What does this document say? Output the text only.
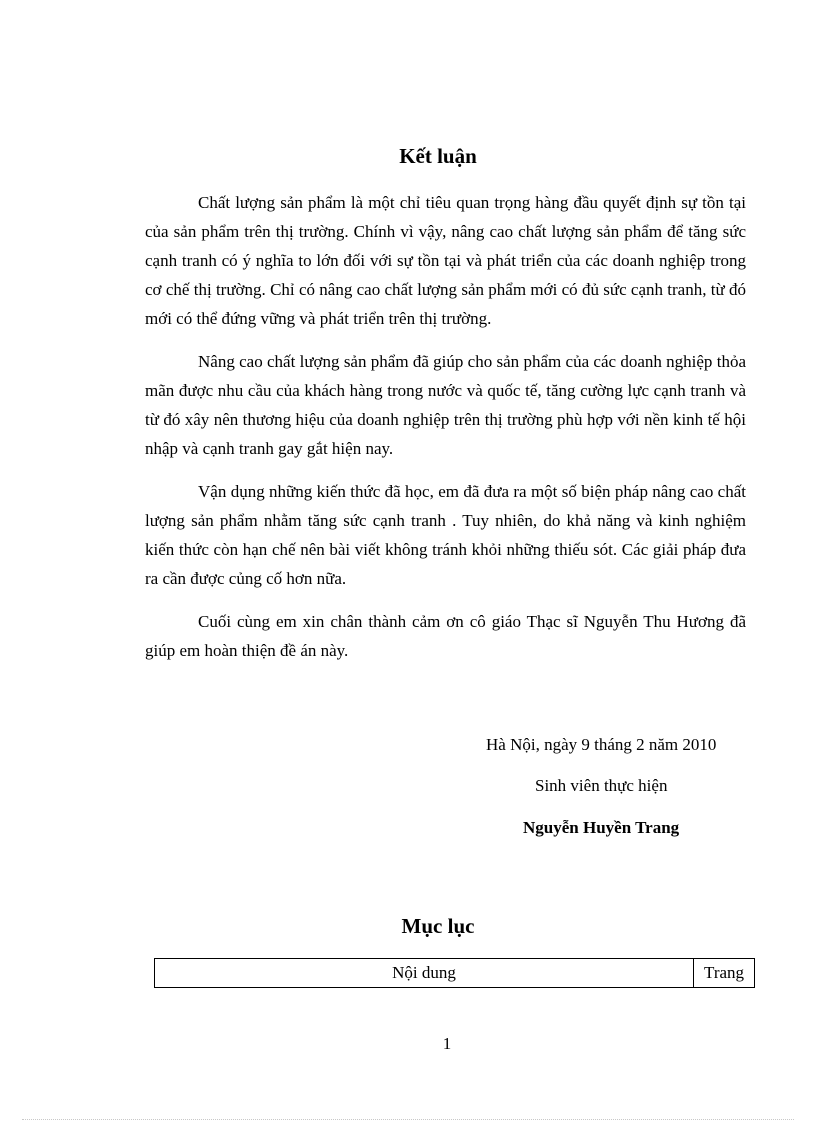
Kết luận

Chất lượng sản phẩm là một chỉ tiêu quan trọng hàng đầu quyết định sự tồn tại của sản phẩm trên thị trường. Chính vì vậy, nâng cao chất lượng sản phẩm để tăng sức cạnh tranh có ý nghĩa to lớn đối với sự tồn tại và phát triển của các doanh nghiệp trong cơ chế thị trường. Chỉ có nâng cao chất lượng sản phẩm mới có đủ sức cạnh tranh, từ đó mới có thể đứng vững và phát triển trên thị trường.

Nâng cao chất lượng sản phẩm đã giúp cho sản phẩm của các doanh nghiệp thỏa mãn được nhu cầu của khách hàng trong nước và quốc tế, tăng cường lực cạnh tranh và từ đó xây nên thương hiệu của doanh nghiệp trên thị trường phù hợp với nền kinh tế hội nhập và cạnh tranh gay gắt hiện nay.

Vận dụng những kiến thức đã học, em đã đưa ra một số biện pháp nâng cao chất lượng sản phẩm nhằm tăng sức cạnh tranh . Tuy nhiên, do khả năng và kinh nghiệm kiến thức còn hạn chế nên bài viết không tránh khỏi những thiếu sót. Các giải pháp đưa ra cần được củng cố hơn nữa.

Cuối cùng em xin chân thành cảm ơn cô giáo Thạc sĩ Nguyễn Thu Hương đã giúp em hoàn thiện đề án này.

Hà Nội, ngày 9 tháng 2 năm 2010
Sinh viên thực hiện
Nguyễn Huyền Trang
Mục lục
Nội dung	Trang
1
